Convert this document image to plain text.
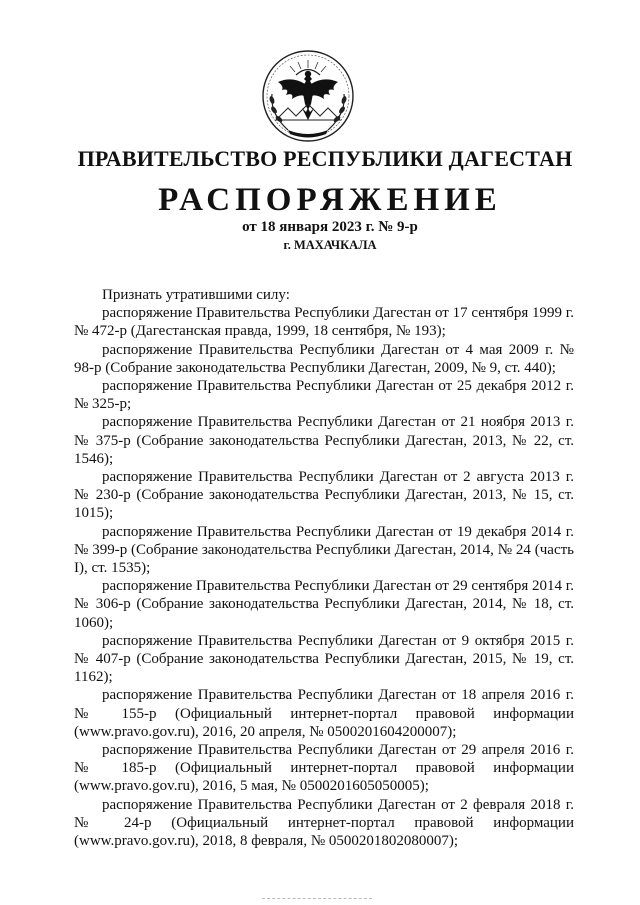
ПРАВИТЕЛЬСТВО РЕСПУБЛИКИ ДАГЕСТАН
РАСПОРЯЖЕНИЕ
от 18 января 2023 г. № 9-р
г. МАХАЧКАЛА

Признать утратившими силу:

распоряжение Правительства Республики Дагестан от 17 сентября 1999 г. № 472-р (Дагестанская правда, 1999, 18 сентября, № 193);

распоряжение Правительства Республики Дагестан от 4 мая 2009 г. № 98-р (Собрание законодательства Республики Дагестан, 2009, № 9, ст. 440);

распоряжение Правительства Республики Дагестан от 25 декабря 2012 г. № 325-р;

распоряжение Правительства Республики Дагестан от 21 ноября 2013 г. № 375-р (Собрание законодательства Республики Дагестан, 2013, № 22, ст. 1546);

распоряжение Правительства Республики Дагестан от 2 августа 2013 г. № 230-р (Собрание законодательства Республики Дагестан, 2013, № 15, ст. 1015);

распоряжение Правительства Республики Дагестан от 19 декабря 2014 г. № 399-р (Собрание законодательства Республики Дагестан, 2014, № 24 (часть I), ст. 1535);

распоряжение Правительства Республики Дагестан от 29 сентября 2014 г. № 306-р (Собрание законодательства Республики Дагестан, 2014, № 18, ст. 1060);

распоряжение Правительства Республики Дагестан от 9 октября 2015 г. № 407-р (Собрание законодательства Республики Дагестан, 2015, № 19, ст. 1162);

распоряжение Правительства Республики Дагестан от 18 апреля 2016 г. № 155-р (Официальный интернет-портал правовой информации (www.pravo.gov.ru), 2016, 20 апреля, № 0500201604200007);

распоряжение Правительства Республики Дагестан от 29 апреля 2016 г. № 185-р (Официальный интернет-портал правовой информации (www.pravo.gov.ru), 2016, 5 мая, № 0500201605050005);

распоряжение Правительства Республики Дагестан от 2 февраля 2018 г. № 24-р (Официальный интернет-портал правовой информации (www.pravo.gov.ru), 2018, 8 февраля, № 0500201802080007);
